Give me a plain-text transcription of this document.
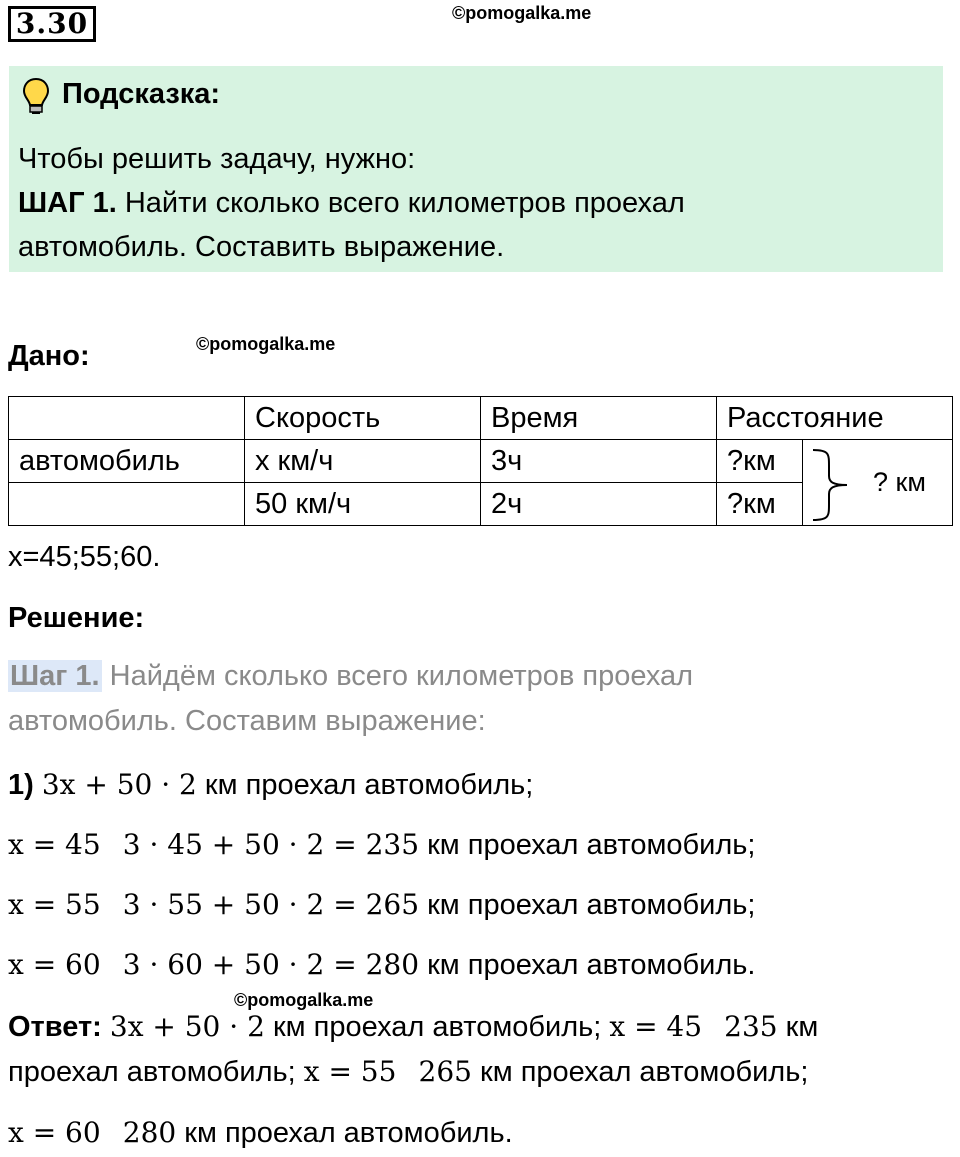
3.30	©pomogalka.me
Подсказка:
Чтобы решить задачу, нужно:
ШАГ 1. Найти сколько всего километров проехал
автомобиль. Составить выражение.
Дано:	©pomogalka.me
	Скорость	Время	Расстояние	
автомобиль	x км/ч	3ч	?км	? км

	50 км/ч	2ч	?км	
x=45;55;60.
Решение:
Шаг 1. Найдём сколько всего километров проехал
автомобиль. Составим выражение:
1) 3x + 50 · 2 км проехал автомобиль;
x = 45 3 · 45 + 50 · 2 = 235 км проехал автомобиль;
x = 55 3 · 55 + 50 · 2 = 265 км проехал автомобиль;
x = 60 3 · 60 + 50 · 2 = 280 км проехал автомобиль.
©pomogalka.me
Ответ: 3x + 50 · 2 км проехал автомобиль; x = 45 235 км
проехал автомобиль; x = 55 265 км проехал автомобиль;
x = 60 280 км проехал автомобиль.
